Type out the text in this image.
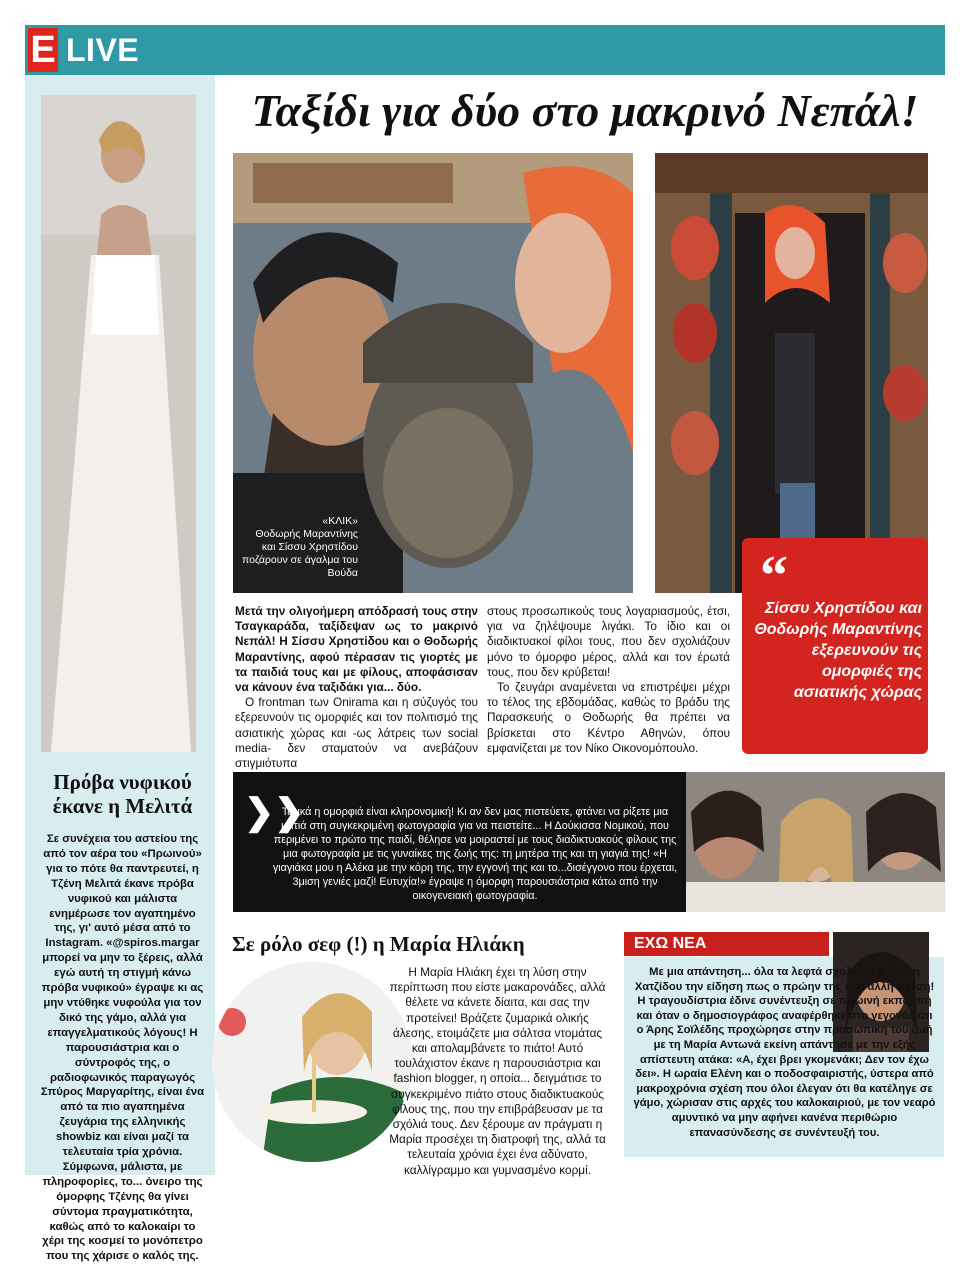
E LIVE
Ταξίδι για δύο στο μακρινό Νεπάλ!
«ΚΛΙΚ»
Θοδωρής Μαραντίνης και Σίσσυ Χρηστίδου ποζάρουν σε άγαλμα του Βούδα	“
Σίσσυ Χρηστίδου και Θοδωρής Μαραντίνης εξερευνούν τις ομορφιές της ασιατικής χώρας

Μετά την ολιγοήμερη απόδρασή τους στην Τσαγκαράδα, ταξίδεψαν ως το μακρινό Νεπάλ! Η Σίσσυ Χρηστίδου και ο Θοδωρής Μαραντίνης, αφού πέρασαν τις γιορτές με τα παιδιά τους και με φίλους, αποφάσισαν να κάνουν ένα ταξιδάκι για... δύο.

Ο frontman των Onirama και η σύζυγός του εξερευνούν τις ομορφιές και τον πολιτισμό της ασιατικής χώρας και -ως λάτρεις των social media- δεν σταματούν να ανεβάζουν στιγμιότυπα

στους προσωπικούς τους λογαριασμούς, έτσι, για να ζηλέψουμε λιγάκι. Το ίδιο και οι διαδικτυακοί φίλοι τους, που δεν σχολιάζουν μόνο το όμορφο μέρος, αλλά και τον έρωτά τους, που δεν κρύβεται!

Το ζευγάρι αναμένεται να επιστρέψει μέχρι το τέλος της εβδομάδας, καθώς το βράδυ της Παρασκευής ο Θοδωρής θα πρέπει να βρίσκεται στο Κέντρο Αθηνών, όπου εμφανίζεται με τον Νίκο Οικονομόπουλο.

❯❯
Τελικά η ομορφιά είναι κληρονομική! Κι αν δεν μας πιστεύετε, φτάνει να ρίξετε μια ματιά στη συγκεκριμένη φωτογραφία για να πειστείτε... Η Δούκισσα Νομικού, που περιμένει το πρώτο της παιδί, θέλησε να μοιραστεί με τους διαδικτυακούς φίλους της μια φωτογραφία με τις γυναίκες της ζωής της: τη μητέρα της και τη γιαγιά της! «Η γιαγιάκα μου η Αλέκα με την κόρη της, την εγγονή της και το...δισέγγονο που έρχεται, 3μιση γενιές μαζί! Ευτυχία!» έγραψε η όμορφη παρουσιάστρια κάτω από την οικογενειακή φωτογραφία.
Πρόβα νυφικού έκανε η Μελιτά
Σε συνέχεια του αστείου της από τον αέρα του «Πρωινού» για το πότε θα παντρευτεί, η Τζένη Μελιτά έκανε πρόβα νυφικού και μάλιστα ενημέρωσε τον αγαπημένο της, γι' αυτό μέσα από το Instagram. «@spiros.margar μπορεί να μην το ξέρεις, αλλά εγώ αυτή τη στιγμή κάνω πρόβα νυφικού» έγραψε κι ας μην ντύθηκε νυφούλα για τον δικό της γάμο, αλλά για επαγγελματικούς λόγους! Η παρουσιάστρια και ο σύντροφός της, ο ραδιοφωνικός παραγωγός Σπύρος Μαργαρίτης, είναι ένα από τα πιο αγαπημένα ζευγάρια της ελληνικής showbiz και είναι μαζί τα τελευταία τρία χρόνια. Σύμφωνα, μάλιστα, με πληροφορίες, το... όνειρο της όμορφης Τζένης θα γίνει σύντομα πραγματικότητα, καθώς από το καλοκαίρι το χέρι της κοσμεί το μονόπετρο που της χάρισε ο καλός της.
Σε ρόλο σεφ (!) η Μαρία Ηλιάκη
Η Μαρία Ηλιάκη έχει τη λύση στην περίπτωση που είστε μακαρονάδες, αλλά θέλετε να κάνετε δίαιτα, και σας την προτείνει! Βράζετε ζυμαρικά ολικής άλεσης, ετοιμάζετε μια σάλτσα ντομάτας και απολαμβάνετε το πιάτο! Αυτό τουλάχιστον έκανε η παρουσιάστρια και fashion blogger, η οποία... δειγμάτισε το συγκεκριμένο πιάτο στους διαδικτυακούς φίλους της, που την επιβράβευσαν με τα σχόλιά τους. Δεν ξέρουμε αν πράγματι η Μαρία προσέχει τη διατροφή της, αλλά τα τελευταία χρόνια έχει ένα αδύνατο, καλλίγραμμο και γυμνασμένο κορμί.
ΕΧΩ ΝΕΑ
Με μια απάντηση... όλα τα λεφτά σχολίασε η Ελένη Χατζίδου την είδηση πως ο πρώην της έχει άλλη σχέση! Η τραγουδίστρια έδινε συνέντευξη σε πρωινή εκπομπή και όταν ο δημοσιογράφος αναφέρθηκε στο γεγονός ότι ο Άρης Σοϊλέδης προχώρησε στην προσωπική του ζωή με τη Μαρία Αντωνά εκείνη απάντησε με την εξής απίστευτη ατάκα: «Α, έχει βρει γκομενάκι; Δεν τον έχω δει». Η ωραία Ελένη και ο ποδοσφαιριστής, ύστερα από μακροχρόνια σχέση που όλοι έλεγαν ότι θα κατέληγε σε γάμο, χώρισαν στις αρχές του καλοκαιριού, με τον νεαρό αμυντικό να μην αφήνει κανένα περιθώριο επανασύνδεσης σε συνέντευξή του.
